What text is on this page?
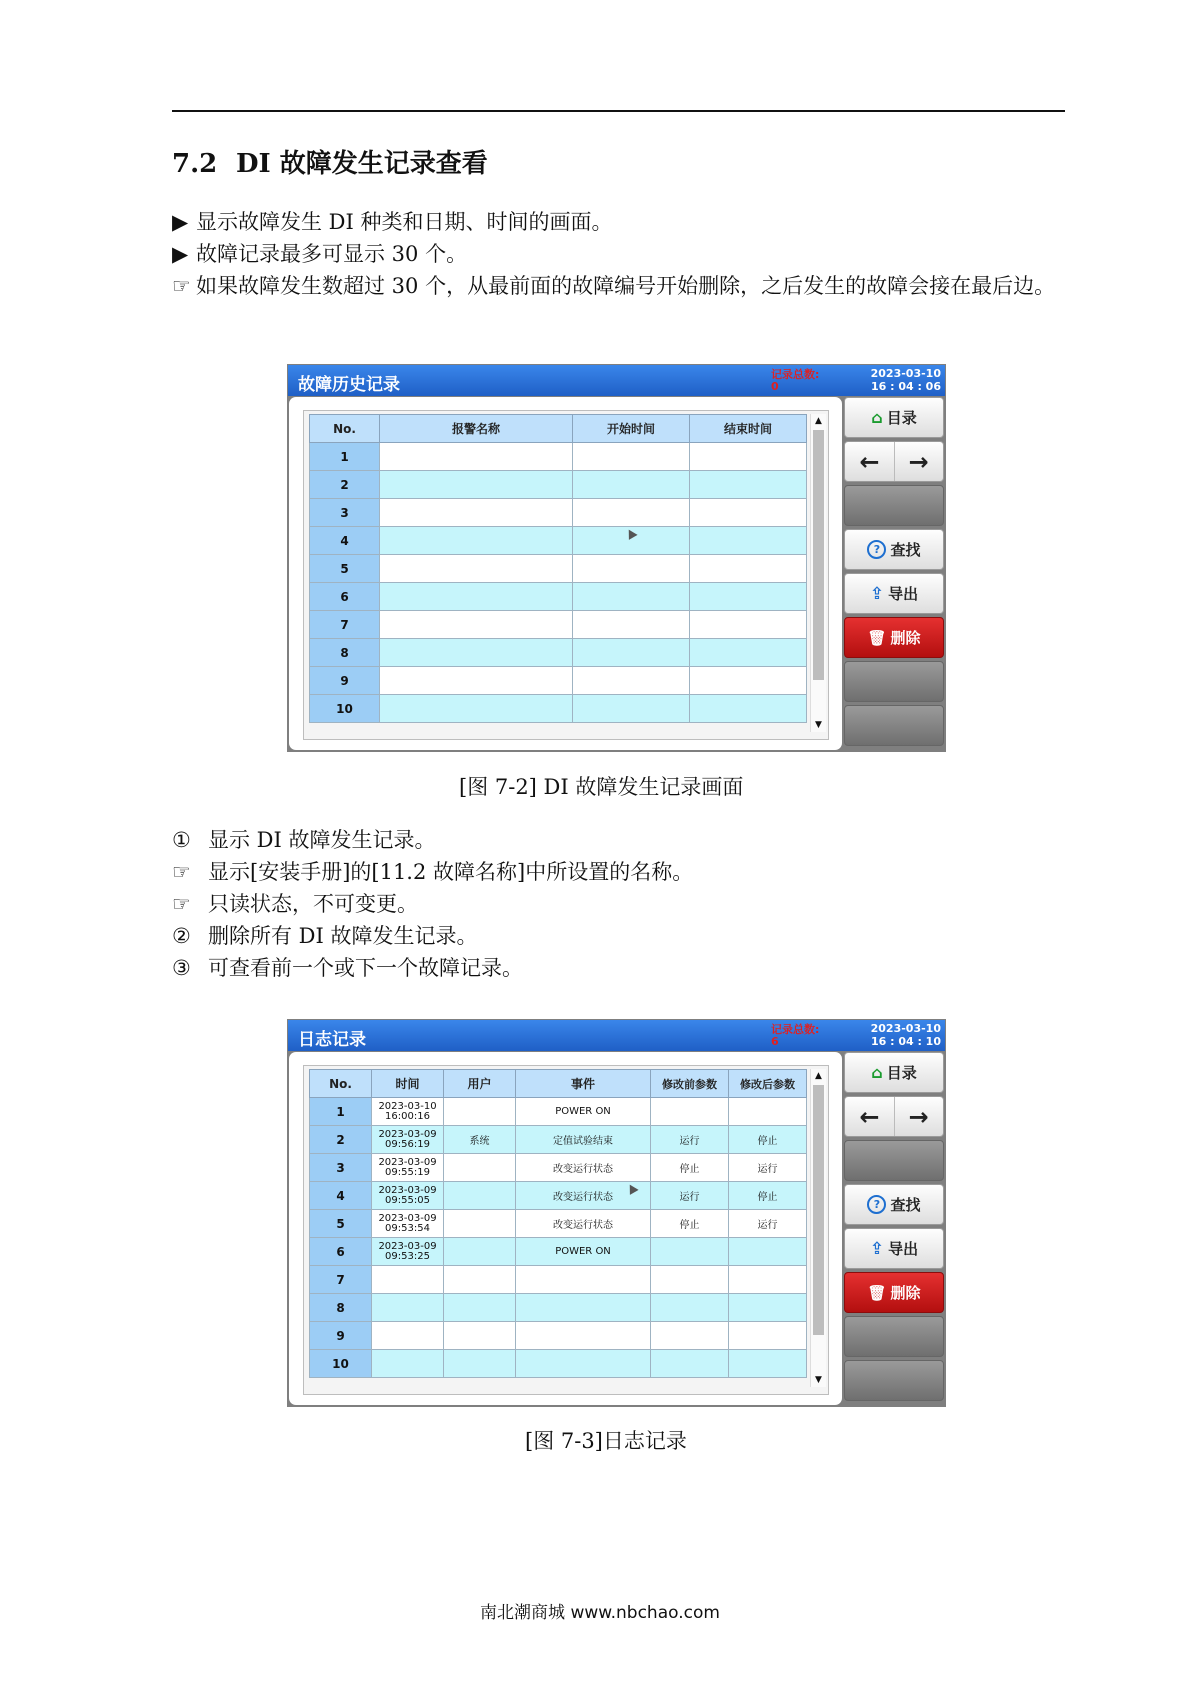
7.2 DI 故障发生记录查看
▶ 显示故障发生 DI 种类和日期、时间的画面。
▶ 故障记录最多可显示 30 个。
☞ 如果故障发生数超过 30 个，从最前面的故障编号开始删除，之后发生的故障会接在最后边。
故障历史记录
记录总数:
0
2023-03-10
16 : 04 : 06
No.	报警名称	开始时间	结束时间
1			
2			
3			
4			
5			
6			
7			
8			
9			
10			
▲
▼
⌂ 目录
←	→
? 查找
⇪ 导出
🗑 删除
[图 7-2] DI 故障发生记录画面
① 显示 DI 故障发生记录。
☞ 显示[安装手册]的[11.2 故障名称]中所设置的名称。
☞ 只读状态，不可变更。
② 删除所有 DI 故障发生记录。
③ 可查看前一个或下一个故障记录。
日志记录
记录总数:
6
2023-03-10
16 : 04 : 10
No.	时间	用户	事件	修改前参数	修改后参数
1	2023-03-10
16:00:16		POWER ON		
2	2023-03-09
09:56:19	系统	定值试验结束	运行	停止
3	2023-03-09
09:55:19		改变运行状态	停止	运行
4	2023-03-09
09:55:05		改变运行状态	运行	停止
5	2023-03-09
09:53:54		改变运行状态	停止	运行
6	2023-03-09
09:53:25		POWER ON		
7	

8	

9	

10	

▲
▼
⌂ 目录
←	→
? 查找
⇪ 导出
🗑 删除
[图 7-3]日志记录
南北潮商城 www.nbchao.com
